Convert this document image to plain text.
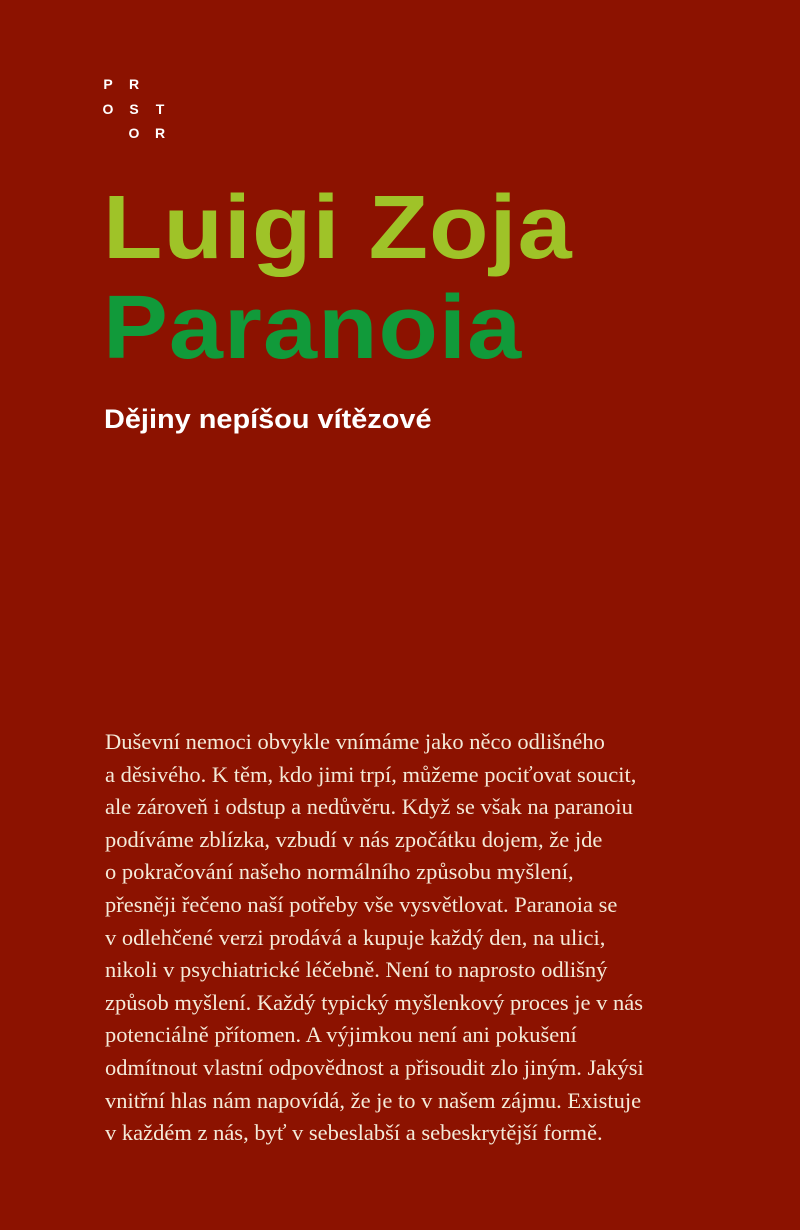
P R
O S T
O R
Luigi Zoja
Paranoia
Dějiny nepíšou vítězové
Duševní nemoci obvykle vnímáme jako něco odlišného
a děsivého. K těm, kdo jimi trpí, můžeme pociťovat soucit,
ale zároveň i odstup a nedůvěru. Když se však na paranoiu
podíváme zblízka, vzbudí v nás zpočátku dojem, že jde
o pokračování našeho normálního způsobu myšlení,
přesněji řečeno naší potřeby vše vysvětlovat. Paranoia se
v odlehčené verzi prodává a kupuje každý den, na ulici,
nikoli v psychiatrické léčebně. Není to naprosto odlišný
způsob myšlení. Každý typický myšlenkový proces je v nás
potenciálně přítomen. A výjimkou není ani pokušení
odmítnout vlastní odpovědnost a přisoudit zlo jiným. Jakýsi
vnitřní hlas nám napovídá, že je to v našem zájmu. Existuje
v každém z nás, byť v sebeslabší a sebeskrytější formě.
